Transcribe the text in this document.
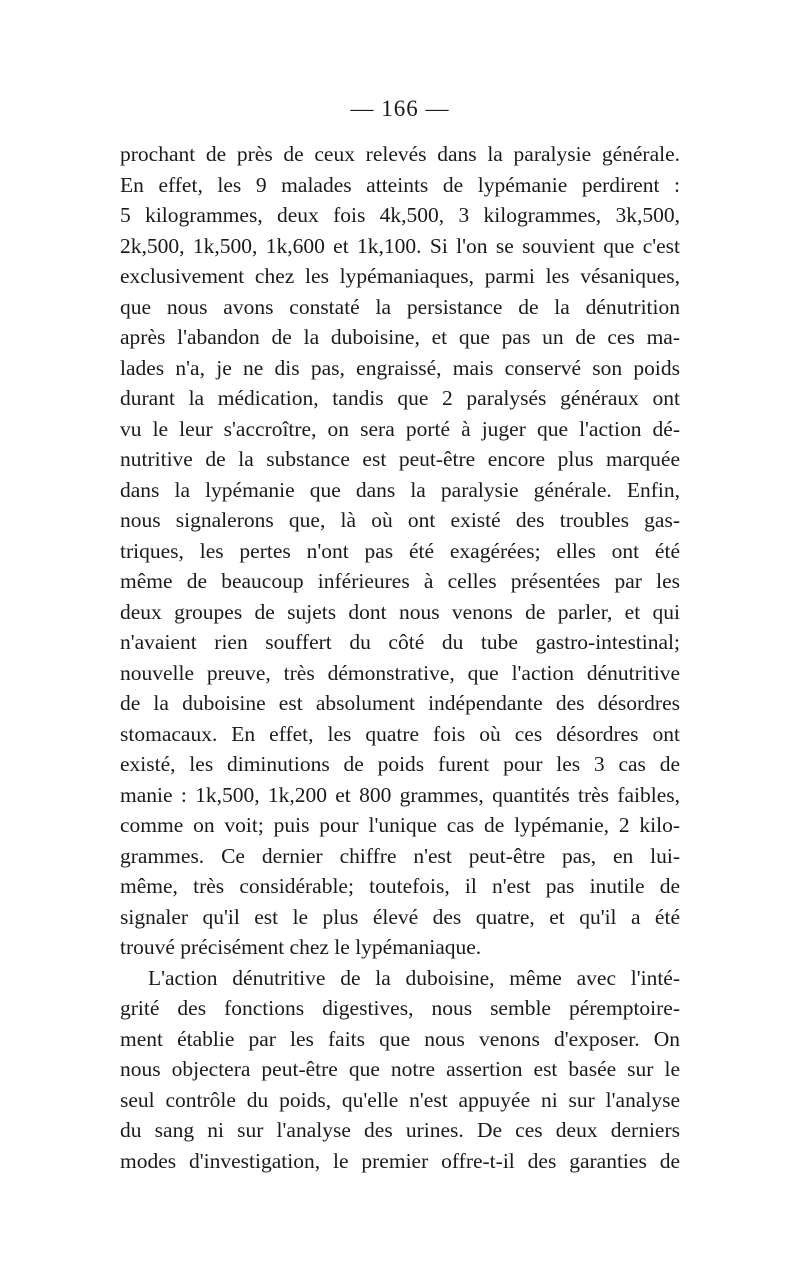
— 166 —
prochant de près de ceux relevés dans la paralysie générale.
En effet, les 9 malades atteints de lypémanie perdirent :
5 kilogrammes, deux fois 4k,500, 3 kilogrammes, 3k,500,
2k,500, 1k,500, 1k,600 et 1k,100. Si l'on se souvient que c'est
exclusivement chez les lypémaniaques, parmi les vésaniques,
que nous avons constaté la persistance de la dénutrition
après l'abandon de la duboisine, et que pas un de ces ma-
lades n'a, je ne dis pas, engraissé, mais conservé son poids
durant la médication, tandis que 2 paralysés généraux ont
vu le leur s'accroître, on sera porté à juger que l'action dé-
nutritive de la substance est peut-être encore plus marquée
dans la lypémanie que dans la paralysie générale. Enfin,
nous signalerons que, là où ont existé des troubles gas-
triques, les pertes n'ont pas été exagérées; elles ont été
même de beaucoup inférieures à celles présentées par les
deux groupes de sujets dont nous venons de parler, et qui
n'avaient rien souffert du côté du tube gastro-intestinal;
nouvelle preuve, très démonstrative, que l'action dénutritive
de la duboisine est absolument indépendante des désordres
stomacaux. En effet, les quatre fois où ces désordres ont
existé, les diminutions de poids furent pour les 3 cas de
manie : 1k,500, 1k,200 et 800 grammes, quantités très faibles,
comme on voit; puis pour l'unique cas de lypémanie, 2 kilo-
grammes. Ce dernier chiffre n'est peut-être pas, en lui-
même, très considérable; toutefois, il n'est pas inutile de
signaler qu'il est le plus élevé des quatre, et qu'il a été
trouvé précisément chez le lypémaniaque.
L'action dénutritive de la duboisine, même avec l'inté-
grité des fonctions digestives, nous semble péremptoire-
ment établie par les faits que nous venons d'exposer. On
nous objectera peut-être que notre assertion est basée sur le
seul contrôle du poids, qu'elle n'est appuyée ni sur l'analyse
du sang ni sur l'analyse des urines. De ces deux derniers
modes d'investigation, le premier offre-t-il des garanties de
